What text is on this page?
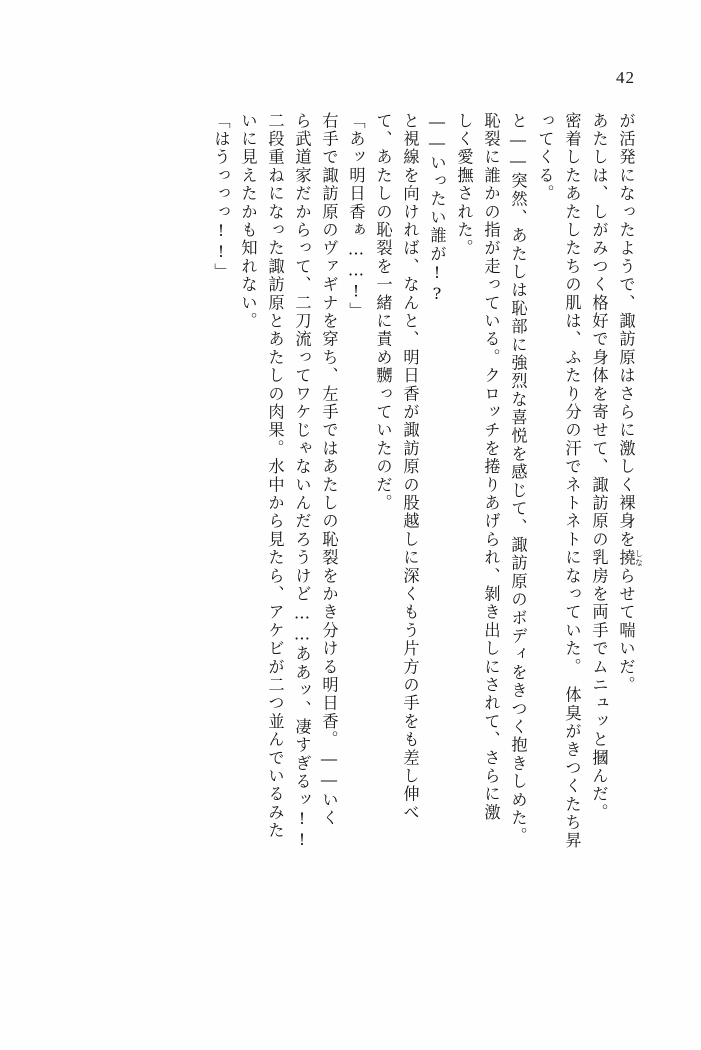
42
が活発になったようで、諏訪原はさらに激しく裸身を撓 しならせて喘いだ。
あたしは、しがみつく格好で身体を寄せて、諏訪原の乳房を両手でムニュッと摑んだ。
密着したあたしたちの肌は、ふたり分の汗でネトネトになっていた。　体臭がきつくたち昇
ってくる。
と――突然、あたしは恥部に強烈な喜悦を感じて、諏訪原のボディをきつく抱きしめた。
恥裂に誰かの指が走っている。クロッチを捲りあげられ、剝き出しにされて、さらに激
しく愛撫された。
――いったい誰が!?
と視線を向ければ、なんと、明日香が諏訪原の股越しに深くもう片方の手をも差し伸べ
て、あたしの恥裂を一緒に責め嬲っていたのだ。
「あッ明日香ぁ……!」
右手で諏訪原のヴァギナを穿ち、左手ではあたしの恥裂をかき分ける明日香。――いく
ら武道家だからって、二刀流ってワケじゃないんだろうけど……ああッ、凄すぎるッ!!
二段重ねになった諏訪原とあたしの肉果。水中から見たら、アケビが二つ並んでいるみた
いに見えたかも知れない。
「はうっっっ!!」
